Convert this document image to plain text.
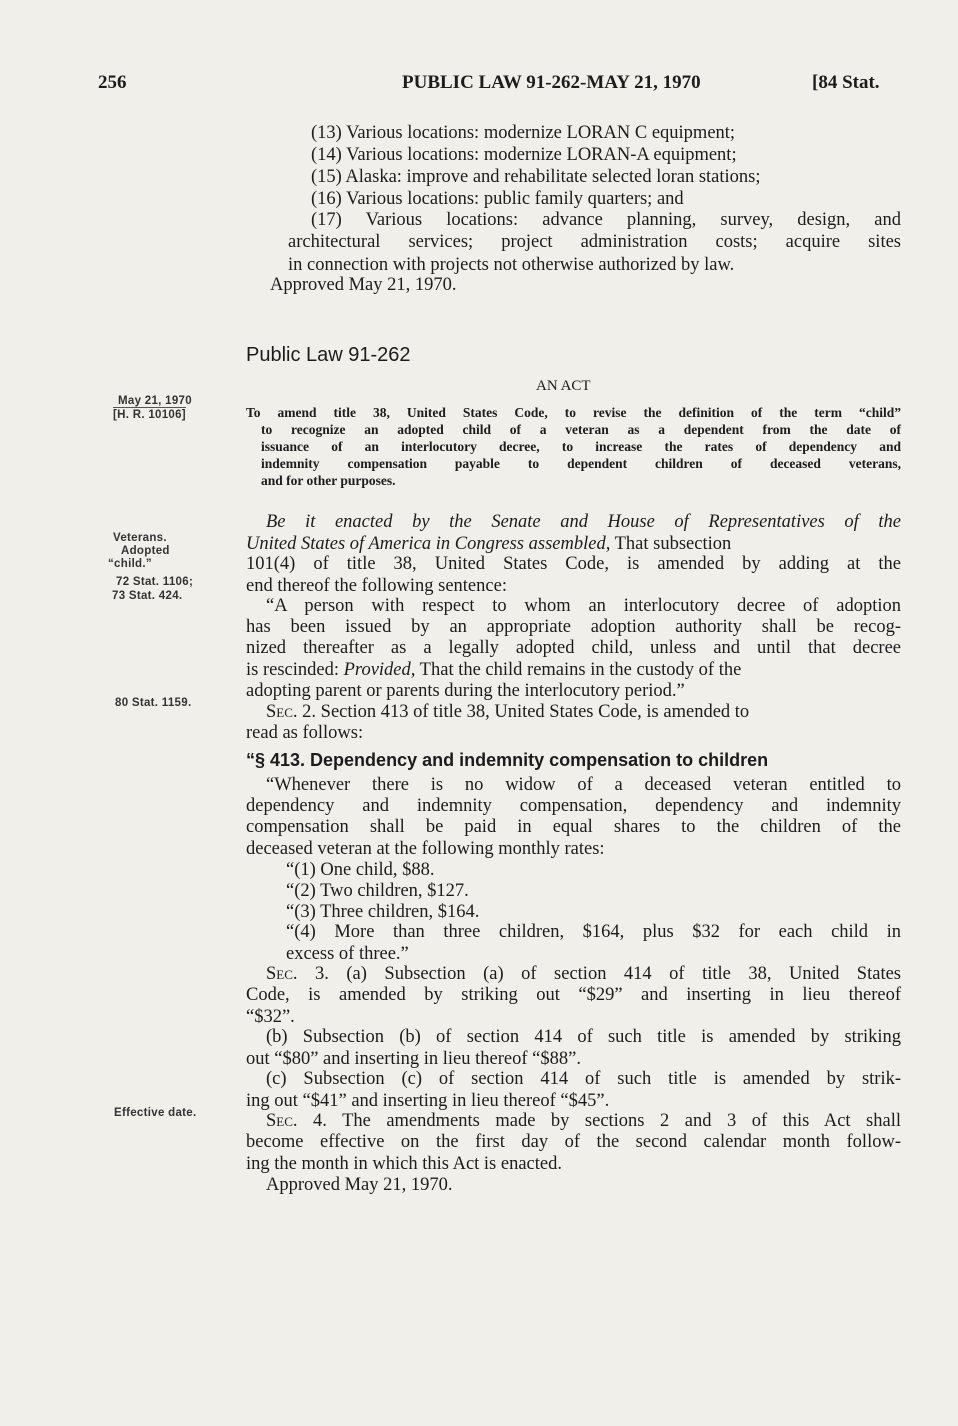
256	PUBLIC LAW 91-262-MAY 21, 1970	[84 Stat.
(13) Various locations: modernize LORAN C equipment;
(14) Various locations: modernize LORAN-A equipment;
(15) Alaska: improve and rehabilitate selected loran stations;
(16) Various locations: public family quarters; and
(17) Various locations: advance planning, survey, design, and
architectural services; project administration costs; acquire sites
in connection with projects not otherwise authorized by law.
Approved May 21, 1970.
Public Law 91-262
AN ACT
To amend title 38, United States Code, to revise the definition of the term “child”
to recognize an adopted child of a veteran as a dependent from the date of
issuance of an interlocutory decree, to increase the rates of dependency and
indemnity compensation payable to dependent children of deceased veterans,
and for other purposes.
May 21, 1970
[H. R. 10106]
Veterans.
Adopted
“child.”
72 Stat. 1106;
73 Stat. 424.
80 Stat. 1159.
Effective date.
Be it enacted by the Senate and House of Representatives of the
United States of America in Congress assembled, That subsection
101(4) of title 38, United States Code, is amended by adding at the
end thereof the following sentence:
“A person with respect to whom an interlocutory decree of adoption
has been issued by an appropriate adoption authority shall be recog-
nized thereafter as a legally adopted child, unless and until that decree
is rescinded: Provided, That the child remains in the custody of the
adopting parent or parents during the interlocutory period.”
Sec. 2. Section 413 of title 38, United States Code, is amended to
read as follows:
“§ 413. Dependency and indemnity compensation to children
“Whenever there is no widow of a deceased veteran entitled to
dependency and indemnity compensation, dependency and indemnity
compensation shall be paid in equal shares to the children of the
deceased veteran at the following monthly rates:
“(1) One child, $88.
“(2) Two children, $127.
“(3) Three children, $164.
“(4) More than three children, $164, plus $32 for each child in
excess of three.”
Sec. 3. (a) Subsection (a) of section 414 of title 38, United States
Code, is amended by striking out “$29” and inserting in lieu thereof
“$32”.
(b) Subsection (b) of section 414 of such title is amended by striking
out “$80” and inserting in lieu thereof “$88”.
(c) Subsection (c) of section 414 of such title is amended by strik-
ing out “$41” and inserting in lieu thereof “$45”.
Sec. 4. The amendments made by sections 2 and 3 of this Act shall
become effective on the first day of the second calendar month follow-
ing the month in which this Act is enacted.
Approved May 21, 1970.
